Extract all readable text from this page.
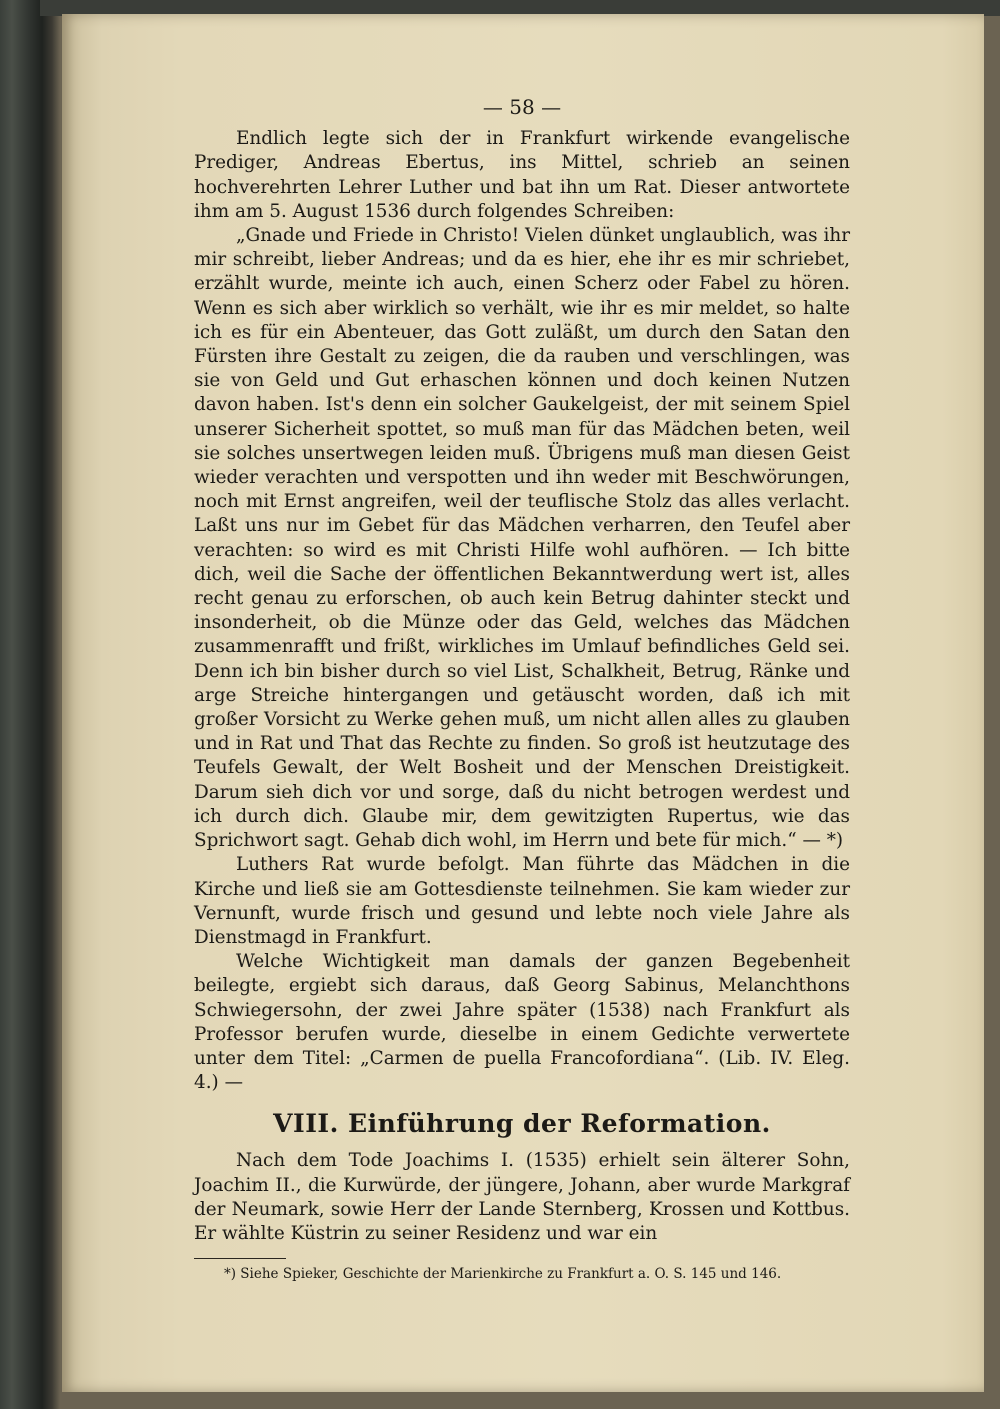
— 58 —

Endlich legte sich der in Frankfurt wirkende evangelische Prediger, Andreas Ebertus, ins Mittel, schrieb an seinen hochverehrten Lehrer Luther und bat ihn um Rat. Dieser antwortete ihm am 5. August 1536 durch folgendes Schreiben:

„Gnade und Friede in Christo! Vielen dünket unglaublich, was ihr mir schreibt, lieber Andreas; und da es hier, ehe ihr es mir schriebet, erzählt wurde, meinte ich auch, einen Scherz oder Fabel zu hören. Wenn es sich aber wirklich so verhält, wie ihr es mir meldet, so halte ich es für ein Abenteuer, das Gott zuläßt, um durch den Satan den Fürsten ihre Gestalt zu zeigen, die da rauben und verschlingen, was sie von Geld und Gut erhaschen können und doch keinen Nutzen davon haben. Ist's denn ein solcher Gaukelgeist, der mit seinem Spiel unserer Sicherheit spottet, so muß man für das Mädchen beten, weil sie solches unsertwegen leiden muß. Übrigens muß man diesen Geist wieder verachten und verspotten und ihn weder mit Beschwörungen, noch mit Ernst angreifen, weil der teuflische Stolz das alles verlacht. Laßt uns nur im Gebet für das Mädchen verharren, den Teufel aber verachten: so wird es mit Christi Hilfe wohl aufhören. — Ich bitte dich, weil die Sache der öffentlichen Bekanntwerdung wert ist, alles recht genau zu erforschen, ob auch kein Betrug dahinter steckt und insonderheit, ob die Münze oder das Geld, welches das Mädchen zusammenrafft und frißt, wirkliches im Umlauf befindliches Geld sei. Denn ich bin bisher durch so viel List, Schalkheit, Betrug, Ränke und arge Streiche hintergangen und getäuscht worden, daß ich mit großer Vorsicht zu Werke gehen muß, um nicht allen alles zu glauben und in Rat und That das Rechte zu finden. So groß ist heutzutage des Teufels Gewalt, der Welt Bosheit und der Menschen Dreistigkeit. Darum sieh dich vor und sorge, daß du nicht betrogen werdest und ich durch dich. Glaube mir, dem gewitzigten Rupertus, wie das Sprichwort sagt. Gehab dich wohl, im Herrn und bete für mich.“ — *)

Luthers Rat wurde befolgt. Man führte das Mädchen in die Kirche und ließ sie am Gottesdienste teilnehmen. Sie kam wieder zur Vernunft, wurde frisch und gesund und lebte noch viele Jahre als Dienstmagd in Frankfurt.

Welche Wichtigkeit man damals der ganzen Begebenheit beilegte, ergiebt sich daraus, daß Georg Sabinus, Melanchthons Schwiegersohn, der zwei Jahre später (1538) nach Frankfurt als Professor berufen wurde, dieselbe in einem Gedichte verwertete unter dem Titel: „Carmen de puella Francofordiana“. (Lib. IV. Eleg. 4.) —

VIII. Einführung der Reformation.

Nach dem Tode Joachims I. (1535) erhielt sein älterer Sohn, Joachim II., die Kurwürde, der jüngere, Johann, aber wurde Markgraf der Neumark, sowie Herr der Lande Sternberg, Krossen und Kottbus. Er wählte Küstrin zu seiner Residenz und war ein

*) Siehe Spieker, Geschichte der Marienkirche zu Frankfurt a. O. S. 145 und 146.
